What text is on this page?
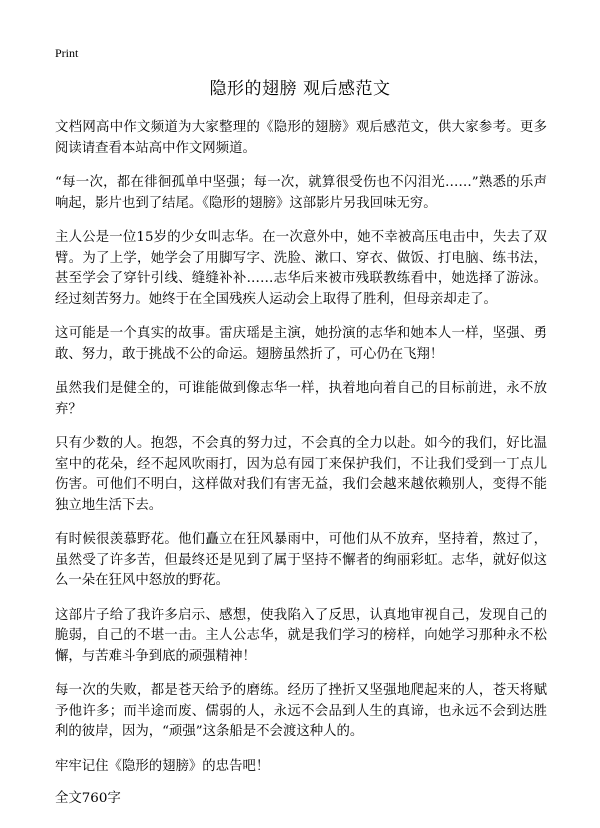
Print
隐形的翅膀 观后感范文

文档网高中作文频道为大家整理的《隐形的翅膀》观后感范文，供大家参考。更多阅读请查看本站高中作文网频道。

“每一次，都在徘徊孤单中坚强；每一次，就算很受伤也不闪泪光……”熟悉的乐声响起，影片也到了结尾。《隐形的翅膀》这部影片另我回味无穷。

主人公是一位15岁的少女叫志华。在一次意外中，她不幸被高压电击中，失去了双臂。为了上学，她学会了用脚写字、洗脸、漱口、穿衣、做饭、打电脑、练书法，甚至学会了穿针引线、缝缝补补……志华后来被市残联教练看中，她选择了游泳。经过刻苦努力。她终于在全国残疾人运动会上取得了胜利，但母亲却走了。

这可能是一个真实的故事。雷庆瑶是主演，她扮演的志华和她本人一样，坚强、勇敢、努力，敢于挑战不公的命运。翅膀虽然折了，可心仍在飞翔！

虽然我们是健全的，可谁能做到像志华一样，执着地向着自己的目标前进，永不放弃？

只有少数的人。抱怨，不会真的努力过，不会真的全力以赴。如今的我们，好比温室中的花朵，经不起风吹雨打，因为总有园丁来保护我们，不让我们受到一丁点儿伤害。可他们不明白，这样做对我们有害无益，我们会越来越依赖别人，变得不能独立地生活下去。

有时候很羡慕野花。他们矗立在狂风暴雨中，可他们从不放弃，坚持着，熬过了，虽然受了许多苦，但最终还是见到了属于坚持不懈者的绚丽彩虹。志华，就好似这么一朵在狂风中怒放的野花。

这部片子给了我许多启示、感想，使我陷入了反思，认真地审视自己，发现自己的脆弱，自己的不堪一击。主人公志华，就是我们学习的榜样，向她学习那种永不松懈，与苦难斗争到底的顽强精神！

每一次的失败，都是苍天给予的磨练。经历了挫折又坚强地爬起来的人，苍天将赋予他许多；而半途而废、儒弱的人，永远不会品到人生的真谛，也永远不会到达胜利的彼岸，因为，“顽强”这条船是不会渡这种人的。

牢牢记住《隐形的翅膀》的忠告吧！

全文760字
